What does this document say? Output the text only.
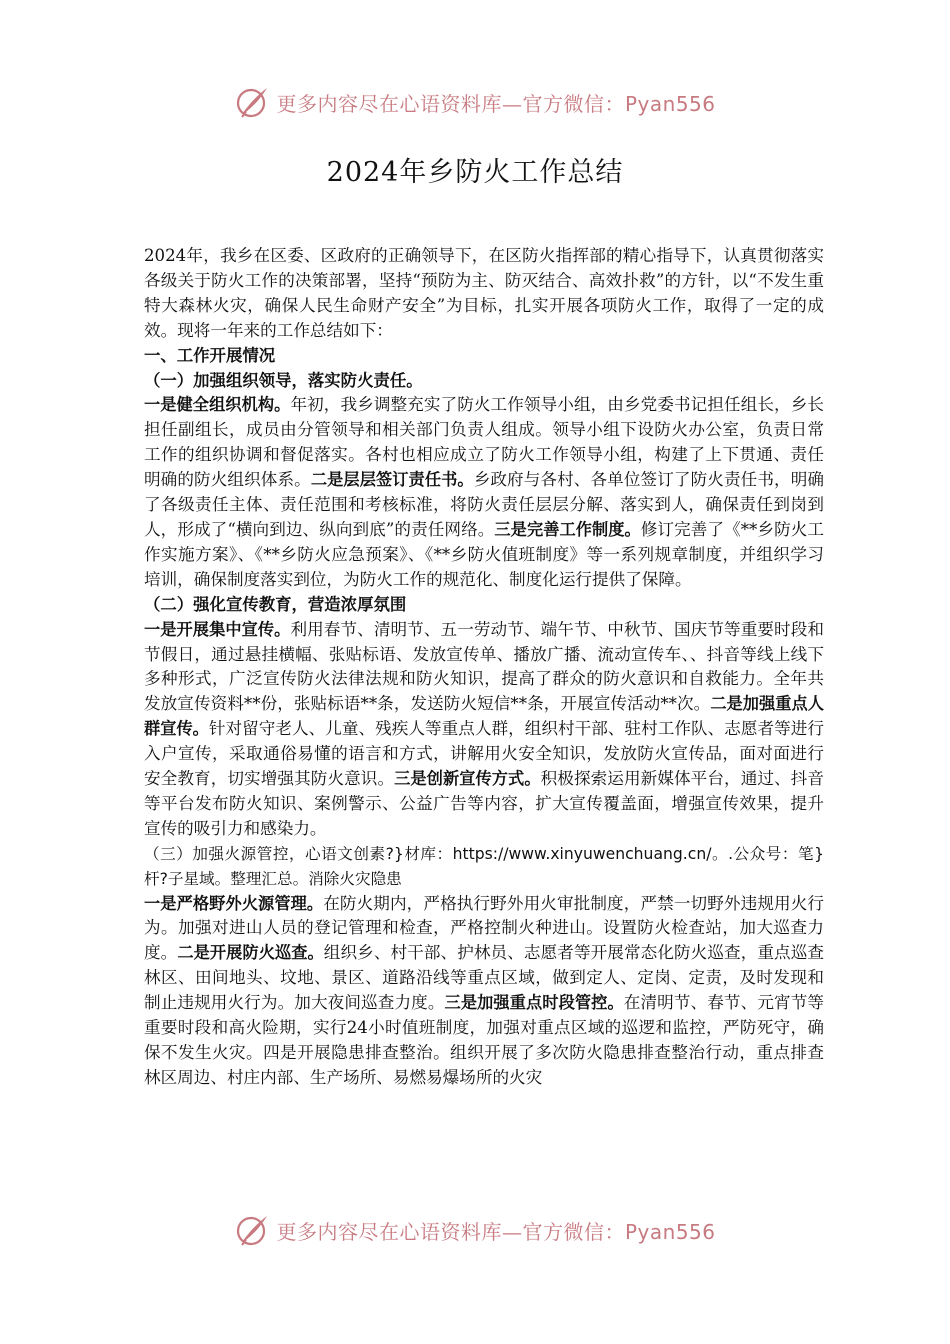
更多内容尽在心语资料库—官方微信：Pyan556
2024年乡防火工作总结

2024年，我乡在区委、区政府的正确领导下，在区防火指挥部的精心指导下，认真贯彻落实各级关于防火工作的决策部署，坚持“预防为主、防灭结合、高效扑救”的方针，以“不发生重特大森林火灾，确保人民生命财产安全”为目标，扎实开展各项防火工作，取得了一定的成效。现将一年来的工作总结如下：

一、工作开展情况

（一）加强组织领导，落实防火责任。

一是健全组织机构。年初，我乡调整充实了防火工作领导小组，由乡党委书记担任组长，乡长担任副组长，成员由分管领导和相关部门负责人组成。领导小组下设防火办公室，负责日常工作的组织协调和督促落实。各村也相应成立了防火工作领导小组，构建了上下贯通、责任明确的防火组织体系。二是层层签订责任书。乡政府与各村、各单位签订了防火责任书，明确了各级责任主体、责任范围和考核标准，将防火责任层层分解、落实到人，确保责任到岗到人，形成了“横向到边、纵向到底”的责任网络。三是完善工作制度。修订完善了《**乡防火工作实施方案》、《**乡防火应急预案》、《**乡防火值班制度》等一系列规章制度，并组织学习培训，确保制度落实到位，为防火工作的规范化、制度化运行提供了保障。

（二）强化宣传教育，营造浓厚氛围

一是开展集中宣传。利用春节、清明节、五一劳动节、端午节、中秋节、国庆节等重要时段和节假日，通过悬挂横幅、张贴标语、发放宣传单、播放广播、流动宣传车、、抖音等线上线下多种形式，广泛宣传防火法律法规和防火知识，提高了群众的防火意识和自救能力。全年共发放宣传资料**份，张贴标语**条，发送防火短信**条，开展宣传活动**次。二是加强重点人群宣传。针对留守老人、儿童、残疾人等重点人群，组织村干部、驻村工作队、志愿者等进行入户宣传，采取通俗易懂的语言和方式，讲解用火安全知识，发放防火宣传品，面对面进行安全教育，切实增强其防火意识。三是创新宣传方式。积极探索运用新媒体平台，通过、抖音等平台发布防火知识、案例警示、公益广告等内容，扩大宣传覆盖面，增强宣传效果，提升宣传的吸引力和感染力。

（三）加强火源管控，心语文创素?}材库：https://www.xinyuwenchuang.cn/。.公众号：笔}杆?子星域。整理汇总。消除火灾隐患

一是严格野外火源管理。在防火期内，严格执行野外用火审批制度，严禁一切野外违规用火行为。加强对进山人员的登记管理和检查，严格控制火种进山。设置防火检查站，加大巡查力度。二是开展防火巡查。组织乡、村干部、护林员、志愿者等开展常态化防火巡查，重点巡查林区、田间地头、坟地、景区、道路沿线等重点区域，做到定人、定岗、定责，及时发现和制止违规用火行为。加大夜间巡查力度。三是加强重点时段管控。在清明节、春节、元宵节等重要时段和高火险期，实行24小时值班制度，加强对重点区域的巡逻和监控，严防死守，确保不发生火灾。四是开展隐患排查整治。组织开展了多次防火隐患排查整治行动，重点排查林区周边、村庄内部、生产场所、易燃易爆场所的火灾

更多内容尽在心语资料库—官方微信：Pyan556
